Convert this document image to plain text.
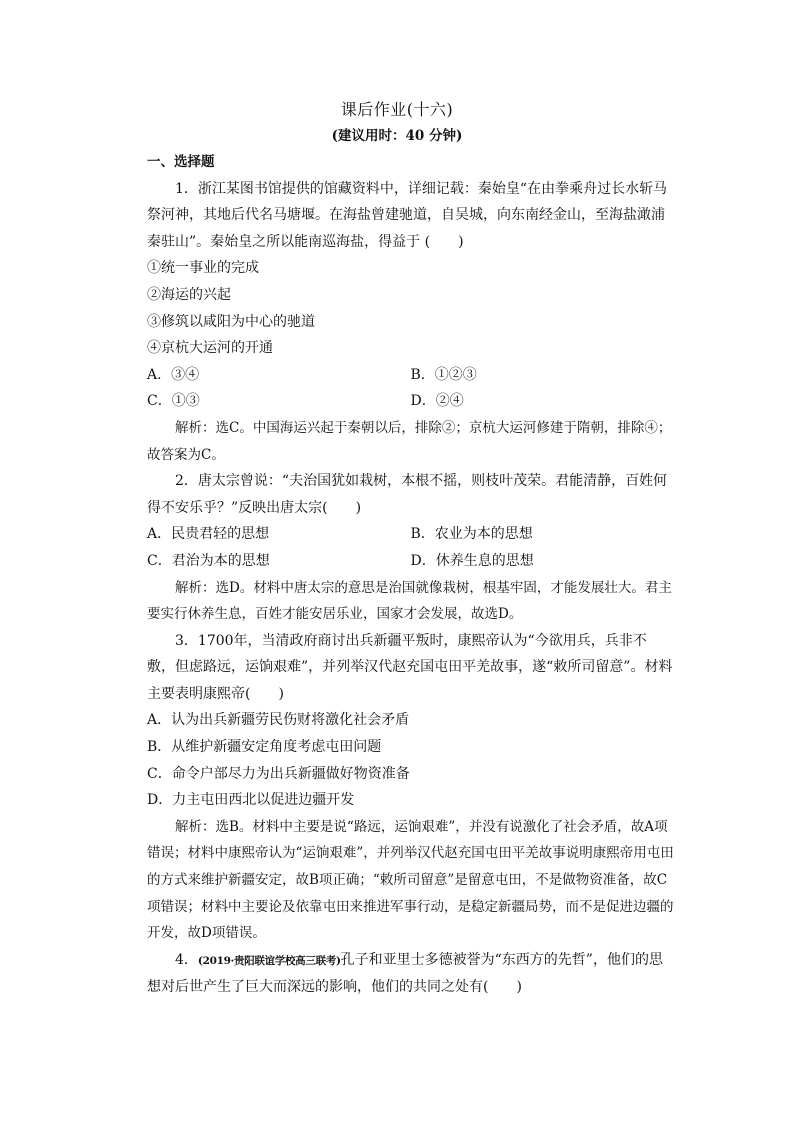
课后作业(十六)
(建议用时：40 分钟)
一、选择题

1．浙江某图书馆提供的馆藏资料中，详细记载：秦始皇“在由拳乘舟过长水斩马祭河神，其地后代名马塘堰。在海盐曾建驰道，自吴城，向东南经金山，至海盐澉浦秦驻山”。秦始皇之所以能南巡海盐，得益于 (　　)

①统一事业的完成

②海运的兴起

③修筑以咸阳为中心的驰道

④京杭大运河的开通

A．③④	B．①②③
C．①③	D．②④

解析：选C。中国海运兴起于秦朝以后，排除②；京杭大运河修建于隋朝，排除④；故答案为C。

2．唐太宗曾说：“夫治国犹如栽树，本根不摇，则枝叶茂荣。君能清静，百姓何得不安乐乎？”反映出唐太宗(　　)

A．民贵君轻的思想	B．农业为本的思想
C．君治为本的思想	D．休养生息的思想

解析：选D。材料中唐太宗的意思是治国就像栽树，根基牢固，才能发展壮大。君主要实行休养生息，百姓才能安居乐业，国家才会发展，故选D。

3．1700年，当清政府商讨出兵新疆平叛时，康熙帝认为“今欲用兵，兵非不敷，但虑路远，运饷艰难”，并列举汉代赵充国屯田平羌故事，遂“敕所司留意”。材料主要表明康熙帝(　　)

A．认为出兵新疆劳民伤财将激化社会矛盾

B．从维护新疆安定角度考虑屯田问题

C．命令户部尽力为出兵新疆做好物资准备

D．力主屯田西北以促进边疆开发

解析：选B。材料中主要是说“路远，运饷艰难”，并没有说激化了社会矛盾，故A项错误；材料中康熙帝认为“运饷艰难”，并列举汉代赵充国屯田平羌故事说明康熙帝用屯田的方式来维护新疆安定，故B项正确；“敕所司留意”是留意屯田，不是做物资准备，故C项错误；材料中主要论及依靠屯田来推进军事行动，是稳定新疆局势，而不是促进边疆的开发，故D项错误。

4．(2019·贵阳联谊学校高三联考)孔子和亚里士多德被誉为“东西方的先哲”，他们的思想对后世产生了巨大而深远的影响，他们的共同之处有(　　)
